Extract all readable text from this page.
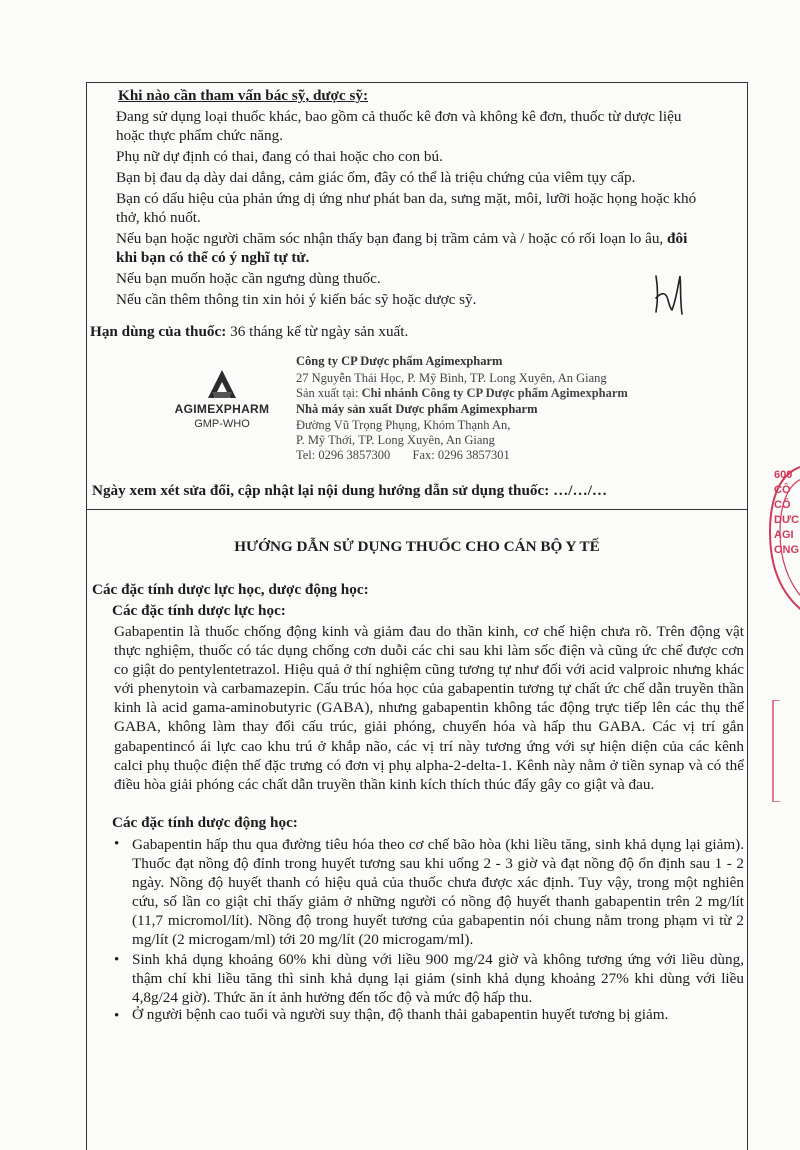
Khi nào cần tham vấn bác sỹ, dược sỹ:
Đang sử dụng loại thuốc khác, bao gồm cả thuốc kê đơn và không kê đơn, thuốc từ dược liệu
hoặc thực phẩm chức năng.
Phụ nữ dự định có thai, đang có thai hoặc cho con bú.
Bạn bị đau dạ dày dai dẳng, cảm giác ốm, đây có thể là triệu chứng của viêm tụy cấp.
Bạn có dấu hiệu của phản ứng dị ứng như phát ban da, sưng mặt, môi, lưỡi hoặc họng hoặc khó
thở, khó nuốt.
Nếu bạn hoặc người chăm sóc nhận thấy bạn đang bị trầm cảm và / hoặc có rối loạn lo âu, đôi
khi bạn có thể có ý nghĩ tự tử.
Nếu bạn muốn hoặc cần ngưng dùng thuốc.
Nếu cần thêm thông tin xin hỏi ý kiến bác sỹ hoặc dược sỹ.
Hạn dùng của thuốc: 36 tháng kể từ ngày sản xuất.
AGIMEXPHARM
GMP-WHO
Công ty CP Dược phẩm Agimexpharm
27 Nguyễn Thái Học, P. Mỹ Bình, TP. Long Xuyên, An Giang
Sản xuất tại: Chi nhánh Công ty CP Dược phẩm Agimexpharm
Nhà máy sản xuất Dược phẩm Agimexpharm
Đường Vũ Trọng Phụng, Khóm Thạnh An,
P. Mỹ Thới, TP. Long Xuyên, An Giang
Tel: 0296 3857300 Fax: 0296 3857301
Ngày xem xét sửa đổi, cập nhật lại nội dung hướng dẫn sử dụng thuốc: …/…/…
HƯỚNG DẪN SỬ DỤNG THUỐC CHO CÁN BỘ Y TẾ
Các đặc tính dược lực học, dược động học:
Các đặc tính dược lực học:
Gabapentin là thuốc chống động kinh và giảm đau do thần kinh, cơ chế hiện chưa rõ. Trên động vật thực nghiệm, thuốc có tác dụng chống cơn duỗi các chi sau khi làm sốc điện và cũng ức chế được cơn co giật do pentylentetrazol. Hiệu quả ở thí nghiệm cũng tương tự như đối với acid valproic nhưng khác với phenytoin và carbamazepin. Cấu trúc hóa học của gabapentin tương tự chất ức chế dẫn truyền thần kinh là acid gama-aminobutyric (GABA), nhưng gabapentin không tác động trực tiếp lên các thụ thể GABA, không làm thay đổi cấu trúc, giải phóng, chuyển hóa và hấp thu GABA. Các vị trí gắn gabapentincó ái lực cao khu trú ở khắp não, các vị trí này tương ứng với sự hiện diện của các kênh calci phụ thuộc điện thế đặc trưng có đơn vị phụ alpha-2-delta-1. Kênh này nằm ở tiền synap và có thể điều hòa giải phóng các chất dẫn truyền thần kinh kích thích thúc đẩy gây co giật và đau.
Các đặc tính dược động học:
• Gabapentin hấp thu qua đường tiêu hóa theo cơ chế bão hòa (khi liều tăng, sinh khả dụng lại giảm). Thuốc đạt nồng độ đỉnh trong huyết tương sau khi uống 2 - 3 giờ và đạt nồng độ ổn định sau 1 - 2 ngày. Nồng độ huyết thanh có hiệu quả của thuốc chưa được xác định. Tuy vậy, trong một nghiên cứu, số lần co giật chỉ thấy giảm ở những người có nồng độ huyết thanh gabapentin trên 2 mg/lít (11,7 micromol/lít). Nồng độ trong huyết tương của gabapentin nói chung nằm trong phạm vi từ 2 mg/lít (2 microgam/ml) tới 20 mg/lít (20 microgam/ml).
• Sinh khả dụng khoảng 60% khi dùng với liều 900 mg/24 giờ và không tương ứng với liều dùng, thậm chí khi liều tăng thì sinh khả dụng lại giảm (sinh khả dụng khoảng 27% khi dùng với liều 4,8g/24 giờ). Thức ăn ít ảnh hưởng đến tốc độ và mức độ hấp thu.
• Ở người bệnh cao tuổi và người suy thận, độ thanh thải gabapentin huyết tương bị giảm.
600
CÔ
CỔ
DƯC
AGI
ONG
